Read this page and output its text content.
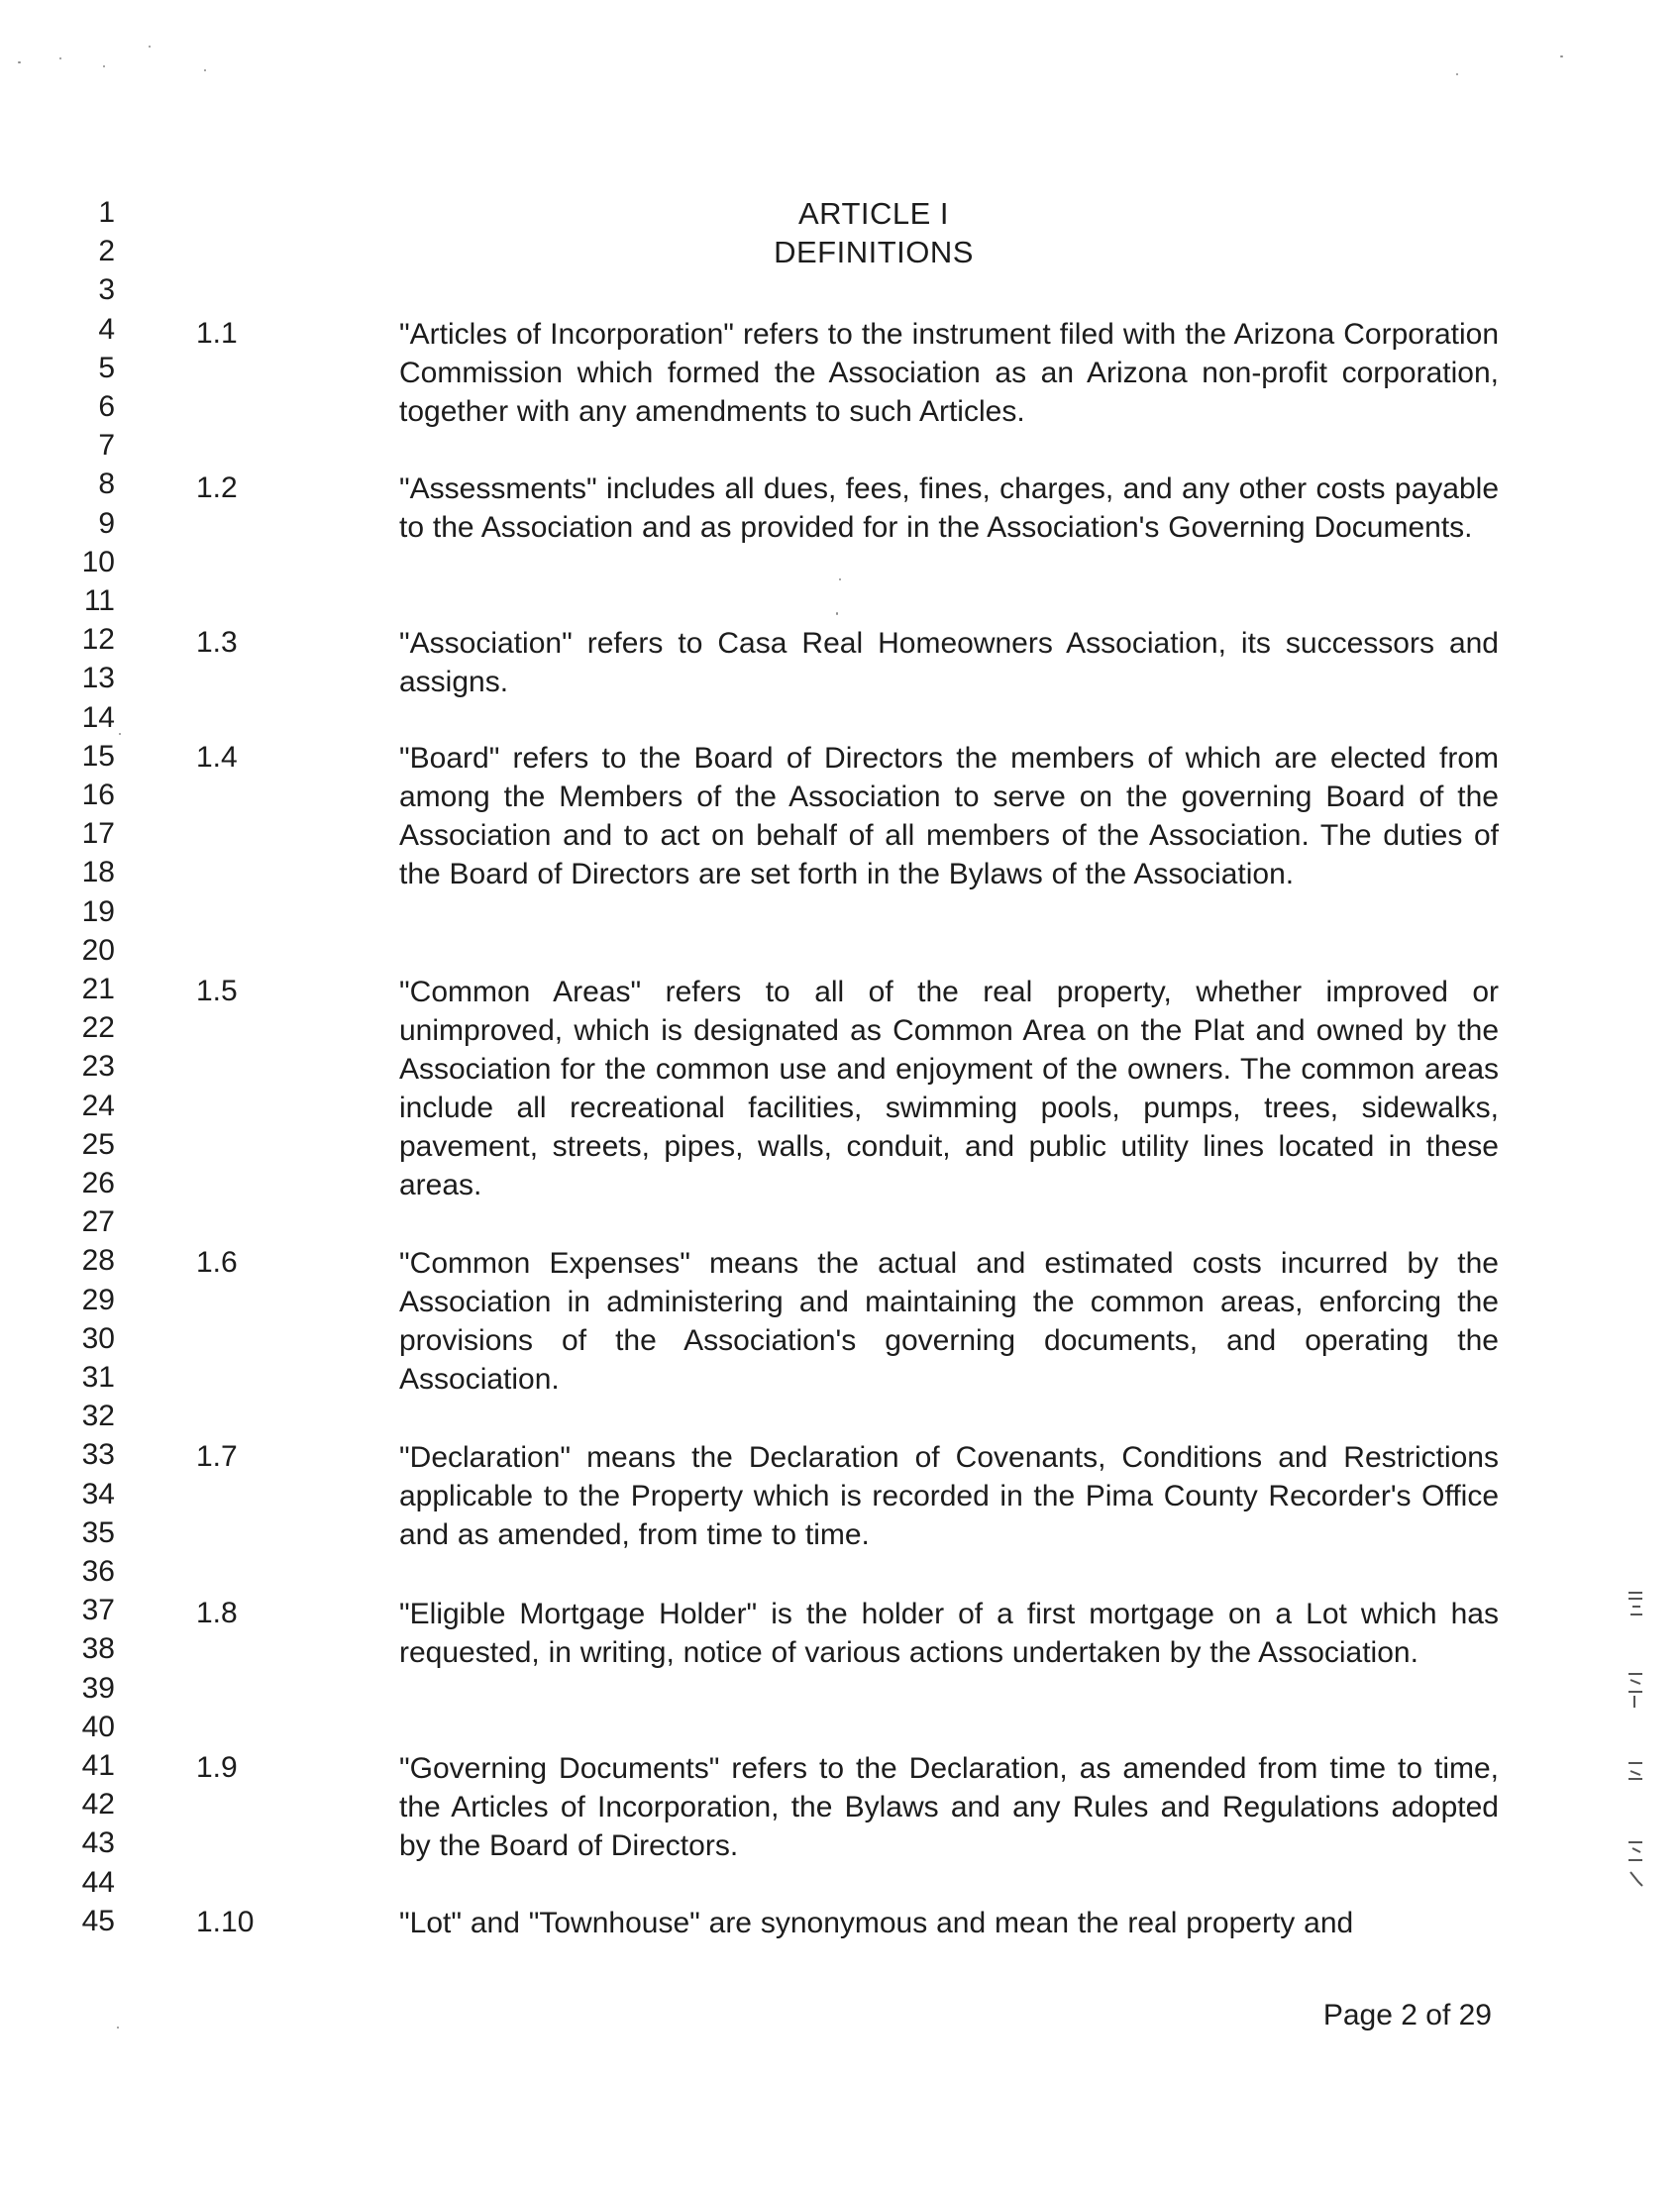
ARTICLE I
DEFINITIONS
1
2
3
4
5
6
7
8
9
10
11
12
13
14
15
16
17
18
19
20
21
22
23
24
25
26
27
28
29
30
31
32
33
34
35
36
37
38
39
40
41
42
43
44
45
1.1	"Articles of Incorporation" refers to the instrument filed with the Arizona Corporation Commission which formed the Association as an Arizona non-profit corporation, together with any amendments to such Articles.
1.2	"Assessments" includes all dues, fees, fines, charges, and any other costs payable to the Association and as provided for in the Association's Governing Documents.
1.3	"Association" refers to Casa Real Homeowners Association, its successors and assigns.
1.4	"Board" refers to the Board of Directors the members of which are elected from among the Members of the Association to serve on the governing Board of the Association and to act on behalf of all members of the Association. The duties of the Board of Directors are set forth in the Bylaws of the Association.
1.5	"Common Areas" refers to all of the real property, whether improved or unimproved, which is designated as Common Area on the Plat and owned by the Association for the common use and enjoyment of the owners. The common areas include all recreational facilities, swimming pools, pumps, trees, sidewalks, pavement, streets, pipes, walls, conduit, and public utility lines located in these areas.
1.6	"Common Expenses" means the actual and estimated costs incurred by the Association in administering and maintaining the common areas, enforcing the provisions of the Association's governing documents, and operating the Association.
1.7	"Declaration" means the Declaration of Covenants, Conditions and Restrictions applicable to the Property which is recorded in the Pima County Recorder's Office and as amended, from time to time.
1.8	"Eligible Mortgage Holder" is the holder of a first mortgage on a Lot which has requested, in writing, notice of various actions undertaken by the Association.
1.9	"Governing Documents" refers to the Declaration, as amended from time to time, the Articles of Incorporation, the Bylaws and any Rules and Regulations adopted by the Board of Directors.
1.10	"Lot" and "Townhouse" are synonymous and mean the real property and
Page 2 of 29
